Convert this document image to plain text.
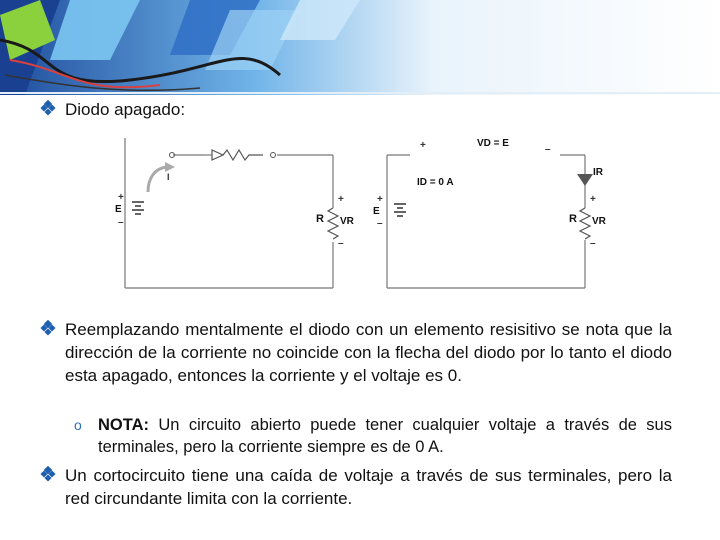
Diodo apagado:
I
+
E
–	R
+
VR
–
+	VD = E
–
ID = 0 A
IR
+
E
–	R
+
VR
–
Reemplazando mentalmente el diodo con un elemento resisitivo se nota que la dirección de la corriente no coincide con la flecha del diodo por lo tanto el diodo esta apagado, entonces la corriente y el voltaje es 0.
o NOTA: Un circuito abierto puede tener cualquier voltaje a través de sus terminales, pero la corriente siempre es de 0 A.
Un cortocircuito tiene una caída de voltaje a través de sus terminales, pero la red circundante limita con la corriente.
